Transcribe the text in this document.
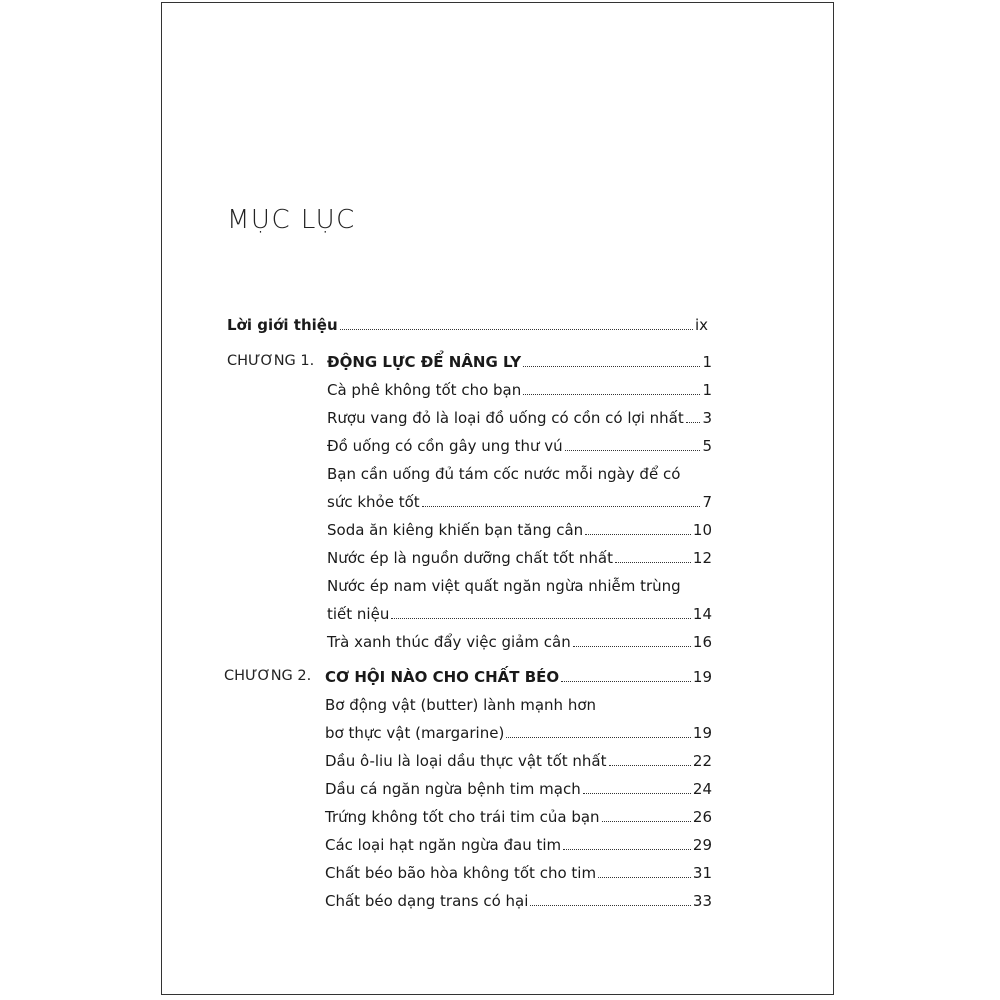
MỤC LỤC
Lời giới thiệu	ix
CHƯƠNG 1. ĐỘNG LỰC ĐỂ NÂNG LY	1
Cà phê không tốt cho bạn	1
Rượu vang đỏ là loại đồ uống có cồn có lợi nhất 3
Đồ uống có cồn gây ung thư vú	5
Bạn cần uống đủ tám cốc nước mỗi ngày để có
sức khỏe tốt	7
Soda ăn kiêng khiến bạn tăng cân	10
Nước ép là nguồn dưỡng chất tốt nhất	12
Nước ép nam việt quất ngăn ngừa nhiễm trùng
tiết niệu	14
Trà xanh thúc đẩy việc giảm cân	16
CHƯƠNG 2. CƠ HỘI NÀO CHO CHẤT BÉO	19
Bơ động vật (butter) lành mạnh hơn
bơ thực vật (margarine)	19
Dầu ô-liu là loại dầu thực vật tốt nhất	22
Dầu cá ngăn ngừa bệnh tim mạch	24
Trứng không tốt cho trái tim của bạn	26
Các loại hạt ngăn ngừa đau tim	29
Chất béo bão hòa không tốt cho tim	31
Chất béo dạng trans có hại	33
